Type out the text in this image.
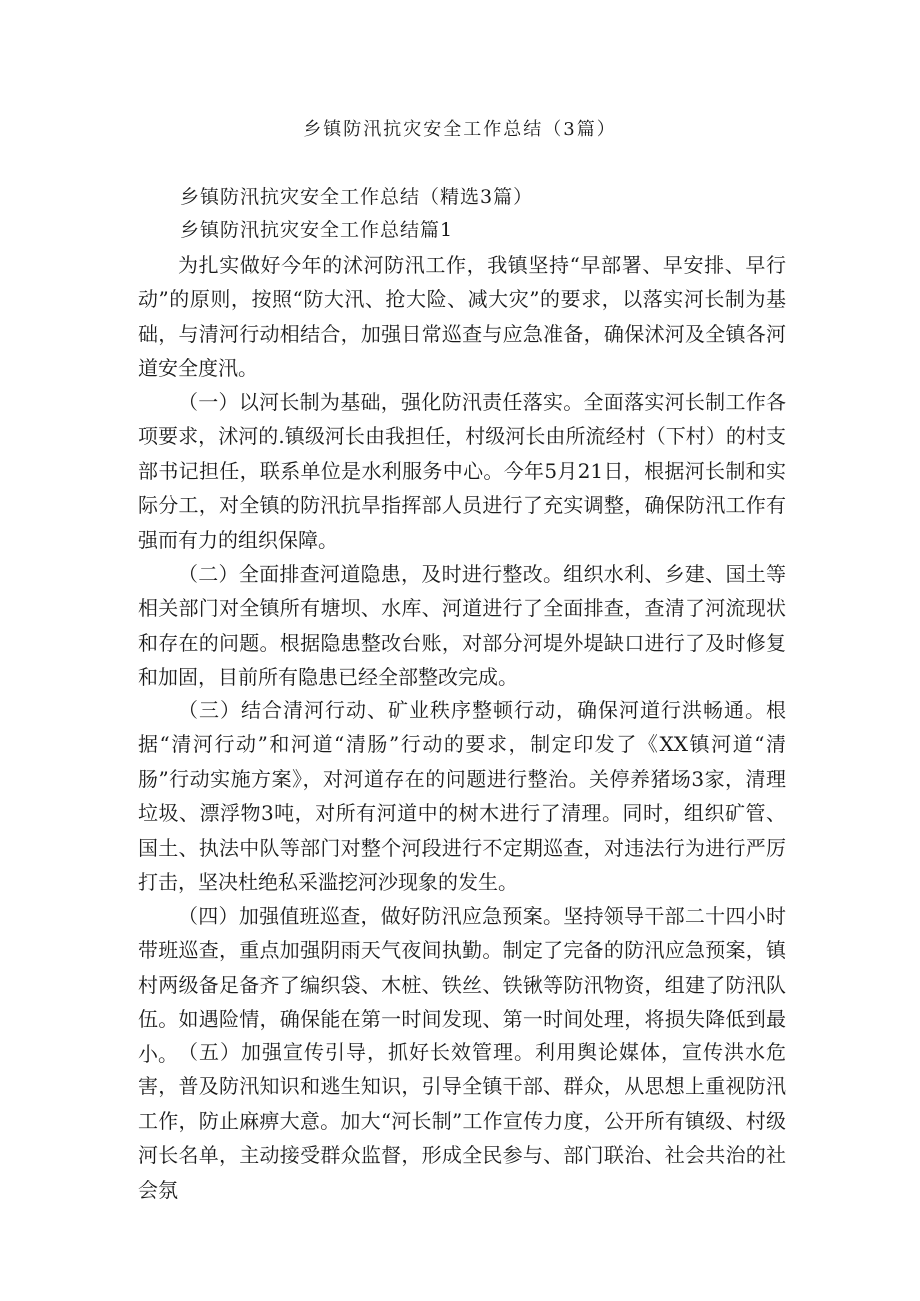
乡镇防汛抗灾安全工作总结（3篇）
乡镇防汛抗灾安全工作总结（精选3篇）
乡镇防汛抗灾安全工作总结篇1

为扎实做好今年的沭河防汛工作，我镇坚持“早部署、早安排、早行动”的原则，按照“防大汛、抢大险、减大灾”的要求，以落实河长制为基础，与清河行动相结合，加强日常巡查与应急准备，确保沭河及全镇各河道安全度汛。

（一）以河长制为基础，强化防汛责任落实。全面落实河长制工作各项要求，沭河的.镇级河长由我担任，村级河长由所流经村（下村）的村支部书记担任，联系单位是水利服务中心。今年5月21日，根据河长制和实际分工，对全镇的防汛抗旱指挥部人员进行了充实调整，确保防汛工作有强而有力的组织保障。

（二）全面排查河道隐患，及时进行整改。组织水利、乡建、国土等相关部门对全镇所有塘坝、水库、河道进行了全面排查，查清了河流现状和存在的问题。根据隐患整改台账，对部分河堤外堤缺口进行了及时修复和加固，目前所有隐患已经全部整改完成。

（三）结合清河行动、矿业秩序整顿行动，确保河道行洪畅通。根据“清河行动”和河道“清肠”行动的要求，制定印发了《XX镇河道“清肠”行动实施方案》，对河道存在的问题进行整治。关停养猪场3家，清理垃圾、漂浮物3吨，对所有河道中的树木进行了清理。同时，组织矿管、国土、执法中队等部门对整个河段进行不定期巡查，对违法行为进行严厉打击，坚决杜绝私采滥挖河沙现象的发生。

（四）加强值班巡查，做好防汛应急预案。坚持领导干部二十四小时带班巡查，重点加强阴雨天气夜间执勤。制定了完备的防汛应急预案，镇村两级备足备齐了编织袋、木桩、铁丝、铁锹等防汛物资，组建了防汛队伍。如遇险情，确保能在第一时间发现、第一时间处理，将损失降低到最小。 （五）加强宣传引导，抓好长效管理。利用舆论媒体，宣传洪水危害，普及防汛知识和逃生知识，引导全镇干部、群众，从思想上重视防汛工作，防止麻痹大意。加大“河长制”工作宣传力度，公开所有镇级、村级河长名单，主动接受群众监督，形成全民参与、部门联治、社会共治的社会氛
